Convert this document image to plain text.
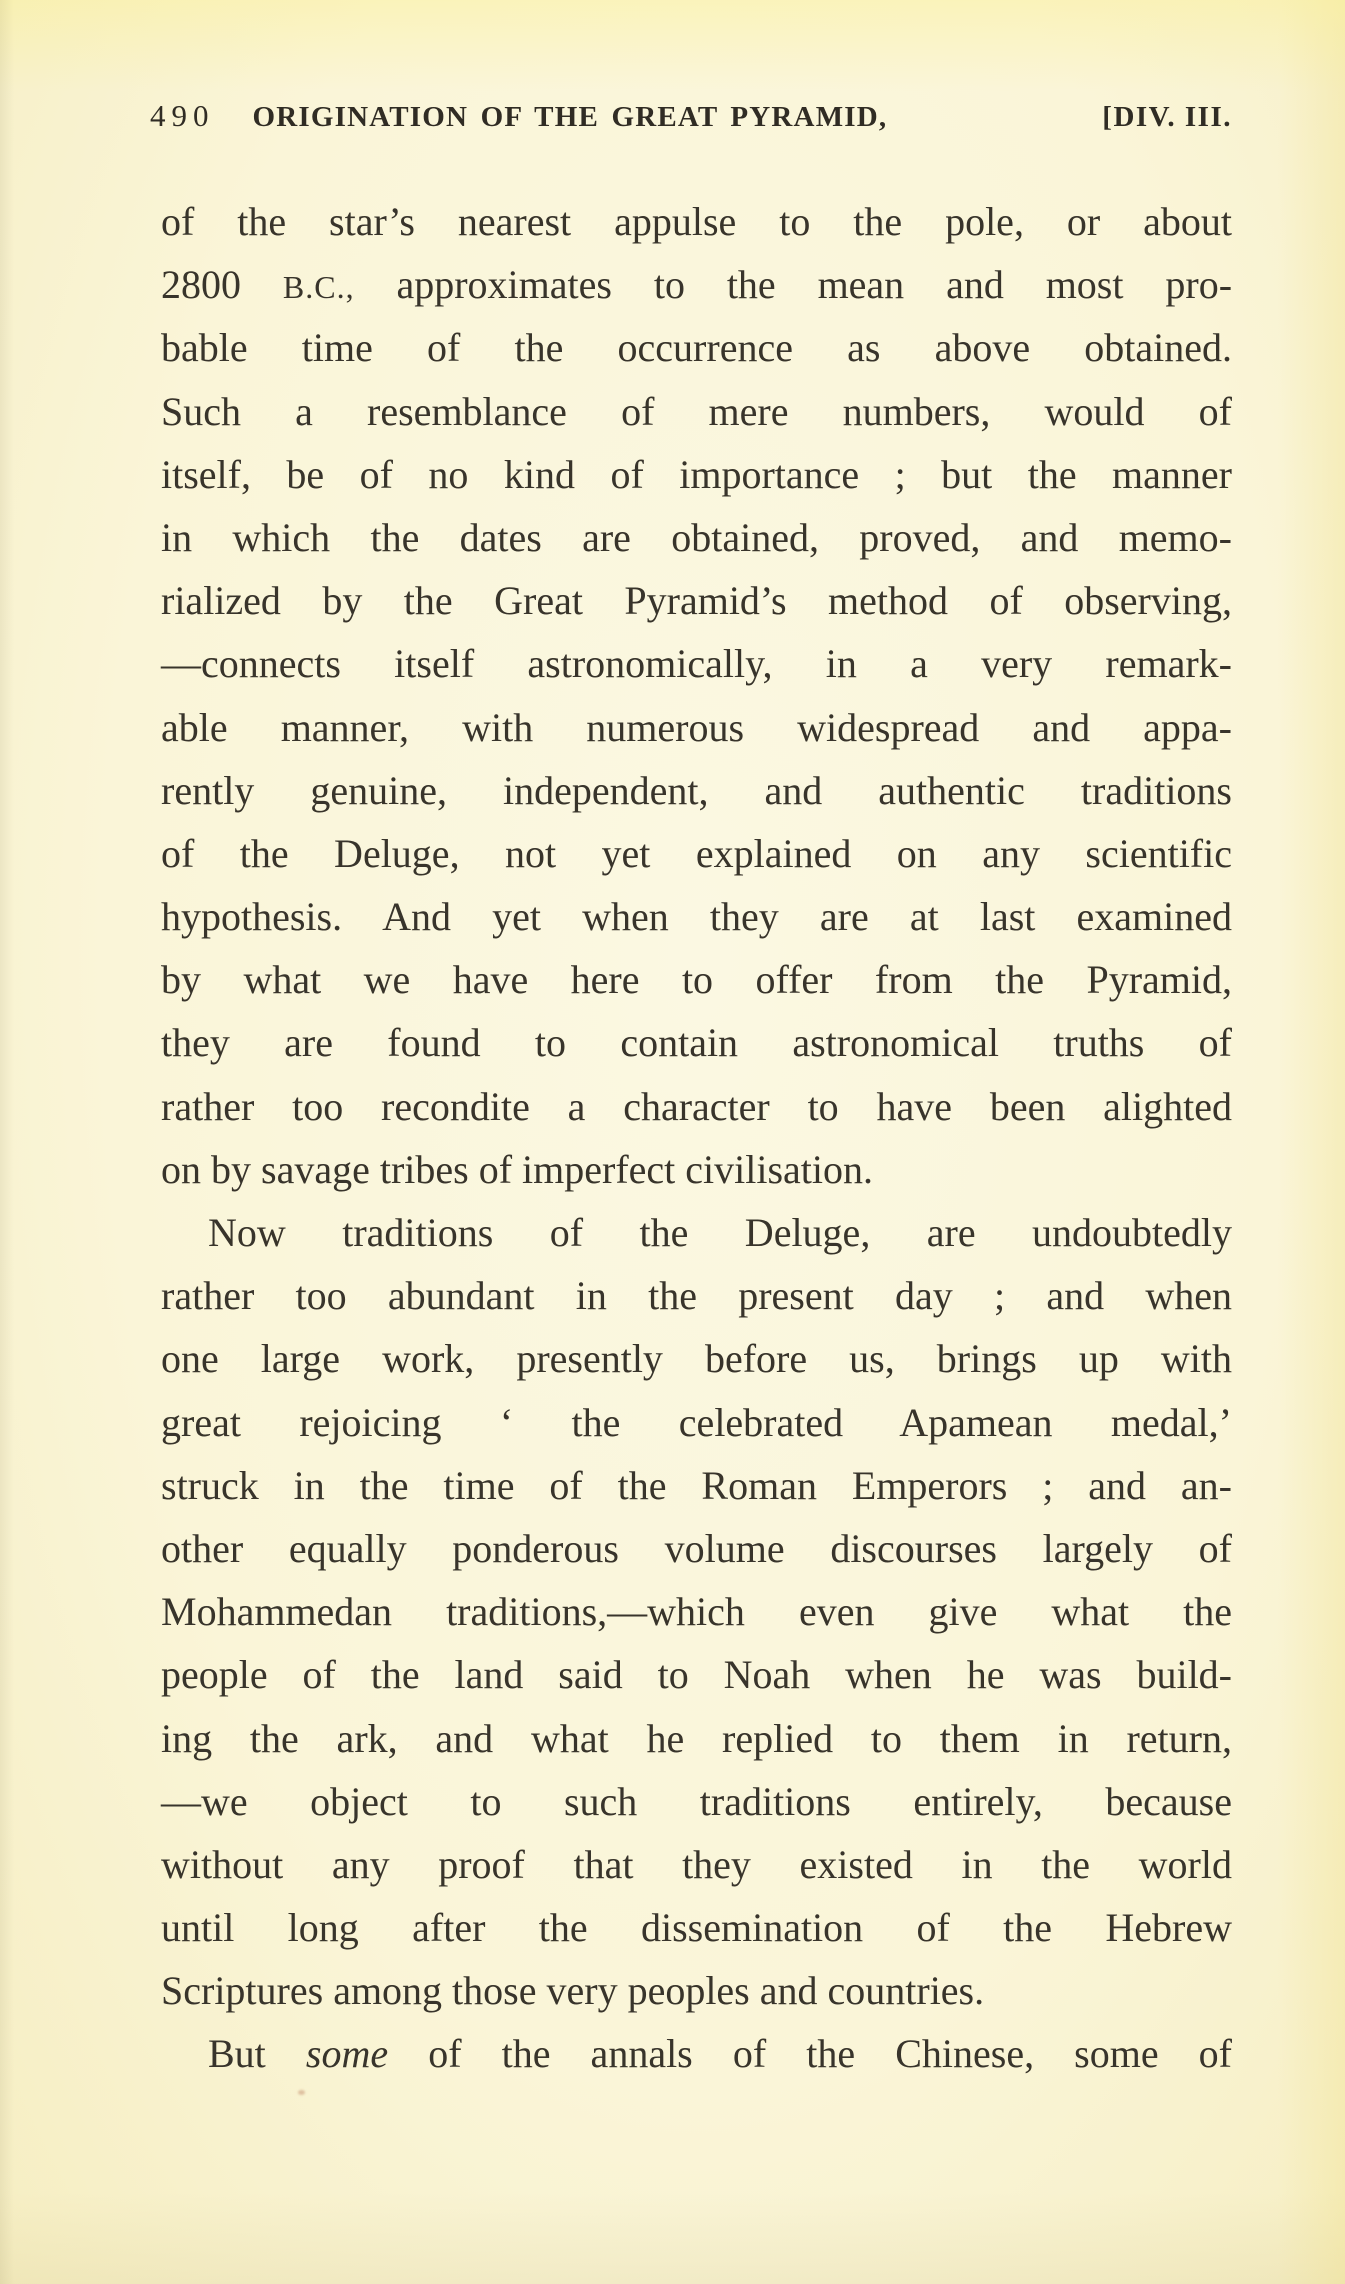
490 ORIGINATION OF THE GREAT PYRAMID,	[DIV. III.
of the star’s nearest appulse to the pole, or about
2800 B.C., approximates to the mean and most pro-
bable time of the occurrence as above obtained.
Such a resemblance of mere numbers, would of
itself, be of no kind of importance ; but the manner
in which the dates are obtained, proved, and memo-
rialized by the Great Pyramid’s method of observing,
—connects itself astronomically, in a very remark-
able manner, with numerous widespread and appa-
rently genuine, independent, and authentic traditions
of the Deluge, not yet explained on any scientific
hypothesis. And yet when they are at last examined
by what we have here to offer from the Pyramid,
they are found to contain astronomical truths of
rather too recondite a character to have been alighted
on by savage tribes of imperfect civilisation.
Now traditions of the Deluge, are undoubtedly
rather too abundant in the present day ; and when
one large work, presently before us, brings up with
great rejoicing ‘ the celebrated Apamean medal,’
struck in the time of the Roman Emperors ; and an-
other equally ponderous volume discourses largely of
Mohammedan traditions,—which even give what the
people of the land said to Noah when he was build-
ing the ark, and what he replied to them in return,
—we object to such traditions entirely, because
without any proof that they existed in the world
until long after the dissemination of the Hebrew
Scriptures among those very peoples and countries.
But some of the annals of the Chinese, some of
